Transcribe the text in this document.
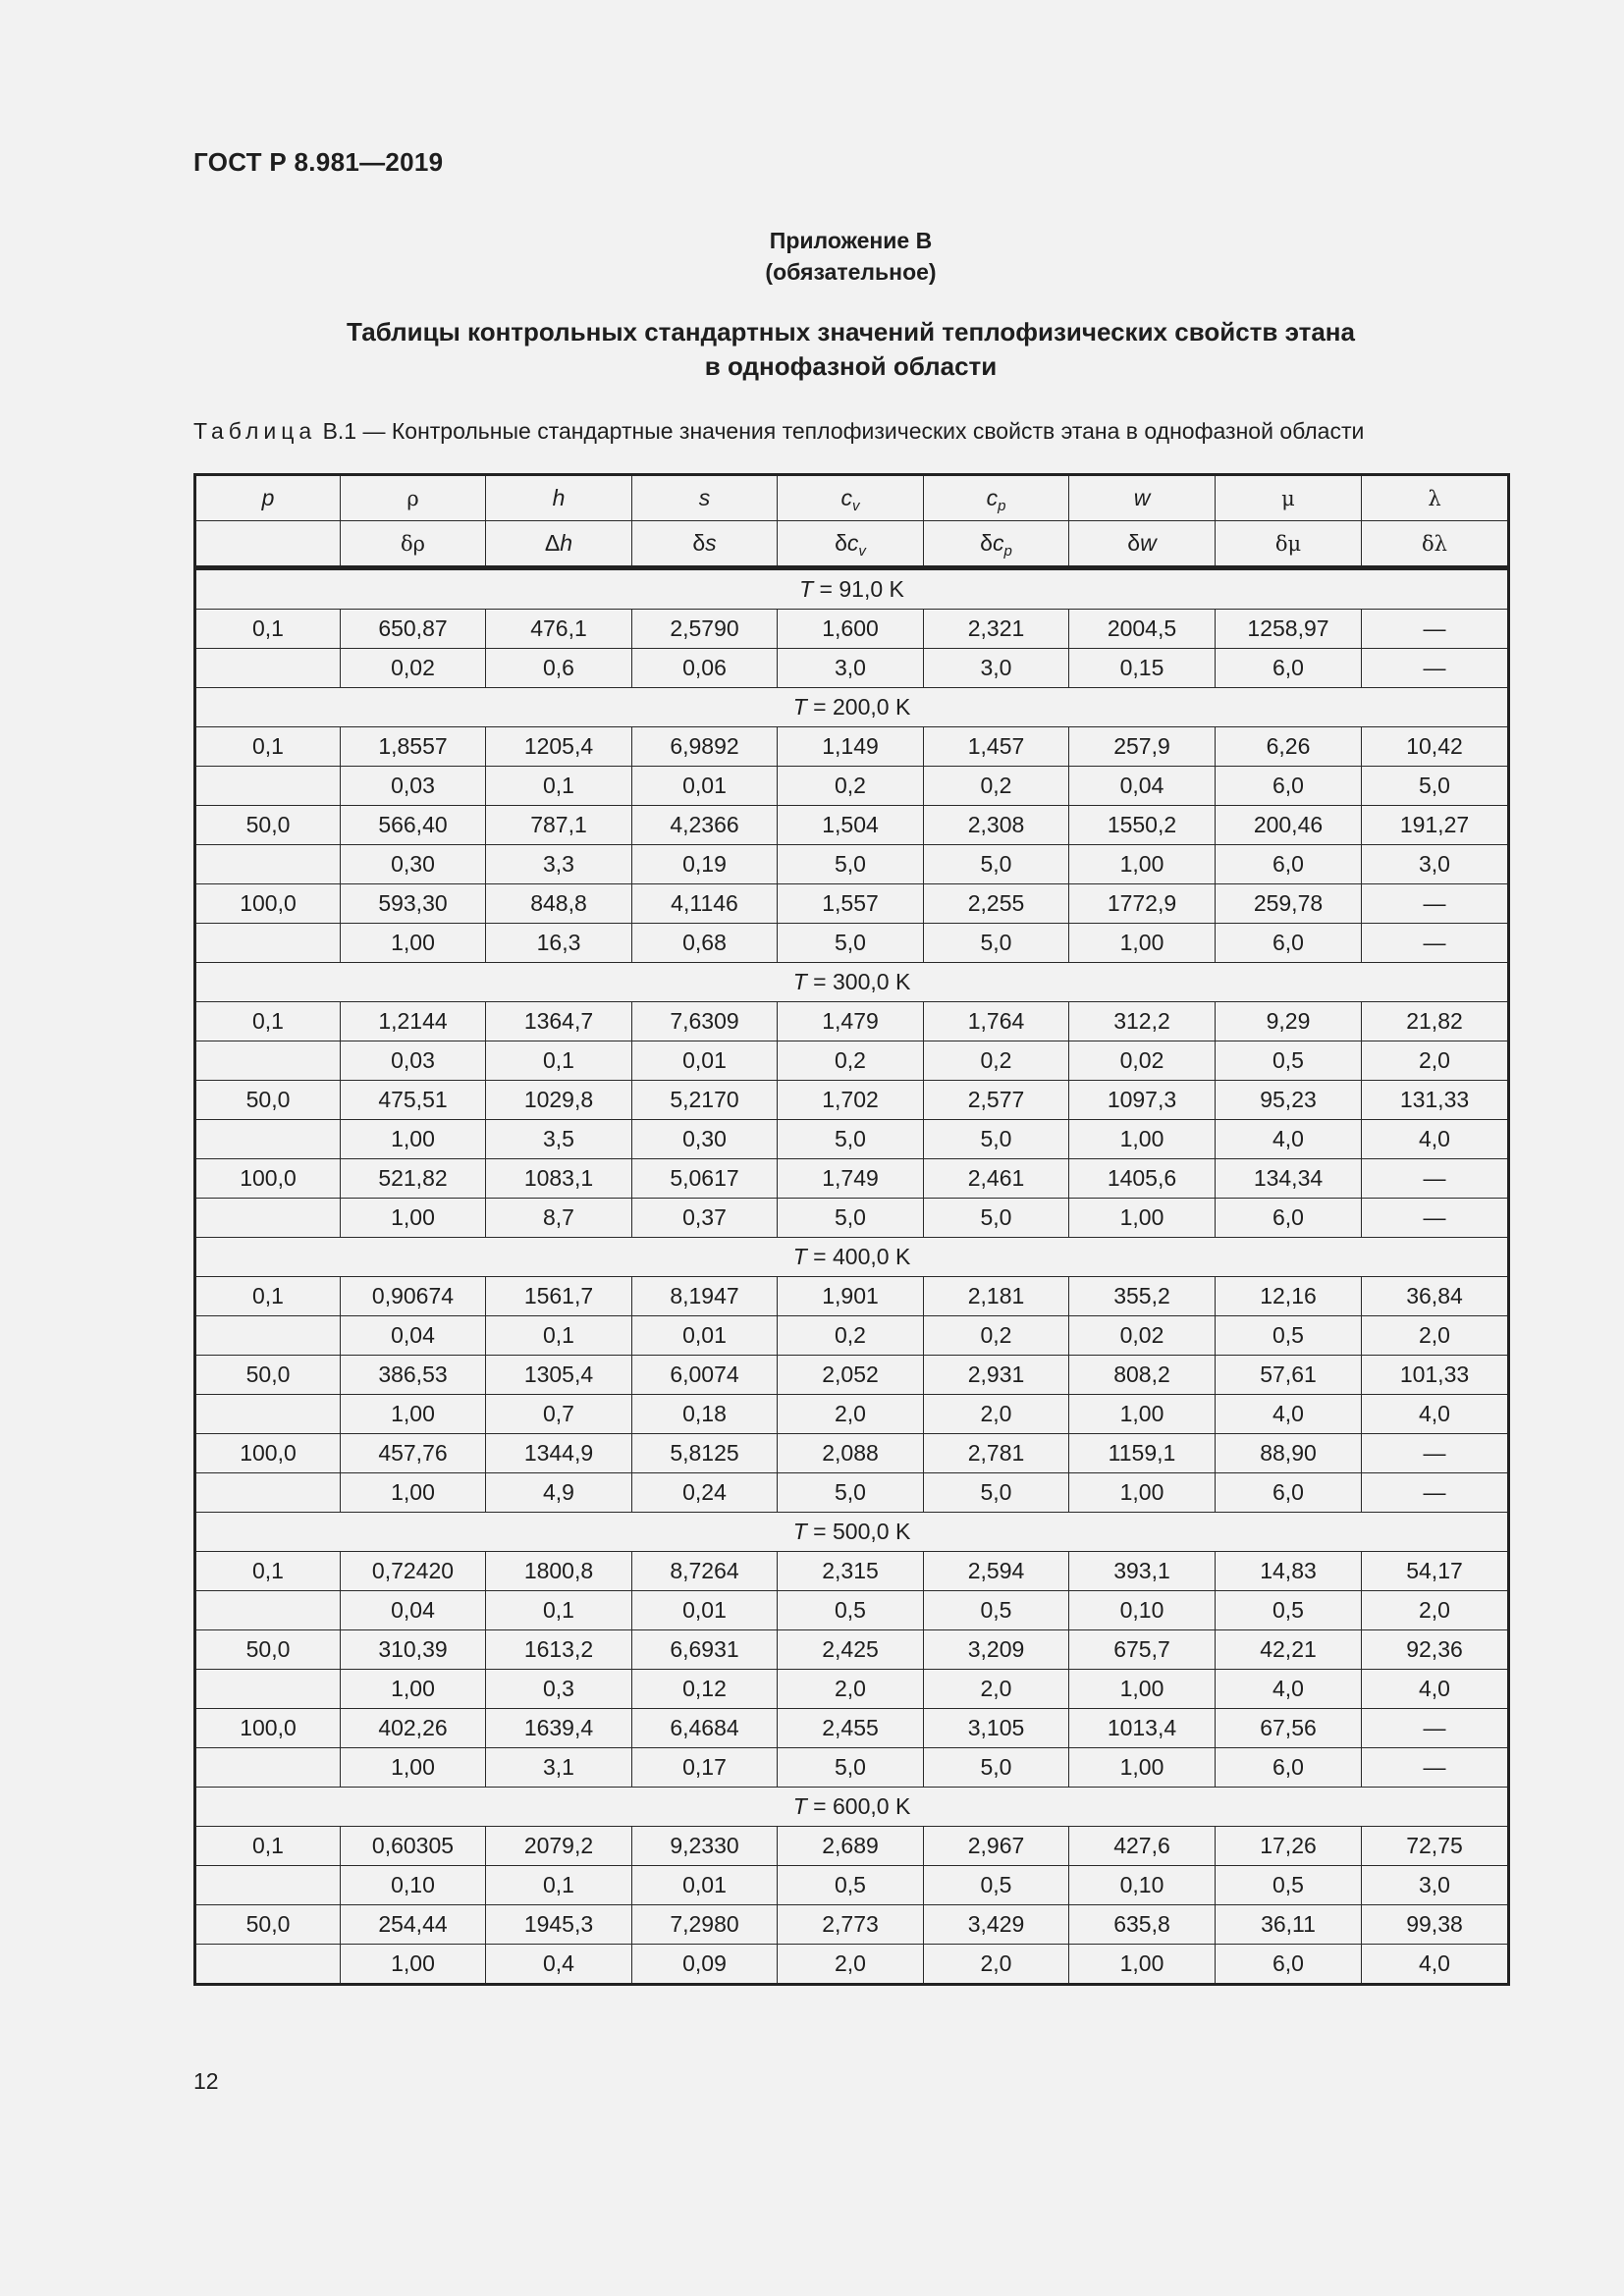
ГОСТ Р 8.981—2019
Приложение В
(обязательное)
Таблицы контрольных стандартных значений теплофизических свойств этана
в однофазной области
Таблица В.1 — Контрольные стандартные значения теплофизических свойств этана в однофазной области
p	ρ	h	s	$c_v$	$c_p$	w	μ	λ
	δρ	Δh	δs	$\delta c_v$	$\delta c_p$	δw	δμ	δλ
T = 91,0 K								
0,1	650,87	476,1	2,5790	1,600	2,321	2004,5	1258,97	—
	0,02	0,6	0,06	3,0	3,0	0,15	6,0	—
T = 200,0 K								
0,1	1,8557	1205,4	6,9892	1,149	1,457	257,9	6,26	10,42
	0,03	0,1	0,01	0,2	0,2	0,04	6,0	5,0
50,0	566,40	787,1	4,2366	1,504	2,308	1550,2	200,46	191,27
	0,30	3,3	0,19	5,0	5,0	1,00	6,0	3,0
100,0	593,30	848,8	4,1146	1,557	2,255	1772,9	259,78	—
	1,00	16,3	0,68	5,0	5,0	1,00	6,0	—
T = 300,0 K								
0,1	1,2144	1364,7	7,6309	1,479	1,764	312,2	9,29	21,82
	0,03	0,1	0,01	0,2	0,2	0,02	0,5	2,0
50,0	475,51	1029,8	5,2170	1,702	2,577	1097,3	95,23	131,33
	1,00	3,5	0,30	5,0	5,0	1,00	4,0	4,0
100,0	521,82	1083,1	5,0617	1,749	2,461	1405,6	134,34	—
	1,00	8,7	0,37	5,0	5,0	1,00	6,0	—
T = 400,0 K								
0,1	0,90674	1561,7	8,1947	1,901	2,181	355,2	12,16	36,84
	0,04	0,1	0,01	0,2	0,2	0,02	0,5	2,0
50,0	386,53	1305,4	6,0074	2,052	2,931	808,2	57,61	101,33
	1,00	0,7	0,18	2,0	2,0	1,00	4,0	4,0
100,0	457,76	1344,9	5,8125	2,088	2,781	1159,1	88,90	—
	1,00	4,9	0,24	5,0	5,0	1,00	6,0	—
T = 500,0 K								
0,1	0,72420	1800,8	8,7264	2,315	2,594	393,1	14,83	54,17
	0,04	0,1	0,01	0,5	0,5	0,10	0,5	2,0
50,0	310,39	1613,2	6,6931	2,425	3,209	675,7	42,21	92,36
	1,00	0,3	0,12	2,0	2,0	1,00	4,0	4,0
100,0	402,26	1639,4	6,4684	2,455	3,105	1013,4	67,56	—
	1,00	3,1	0,17	5,0	5,0	1,00	6,0	—
T = 600,0 K								
0,1	0,60305	2079,2	9,2330	2,689	2,967	427,6	17,26	72,75
	0,10	0,1	0,01	0,5	0,5	0,10	0,5	3,0
50,0	254,44	1945,3	7,2980	2,773	3,429	635,8	36,11	99,38
	1,00	0,4	0,09	2,0	2,0	1,00	6,0	4,0
12
